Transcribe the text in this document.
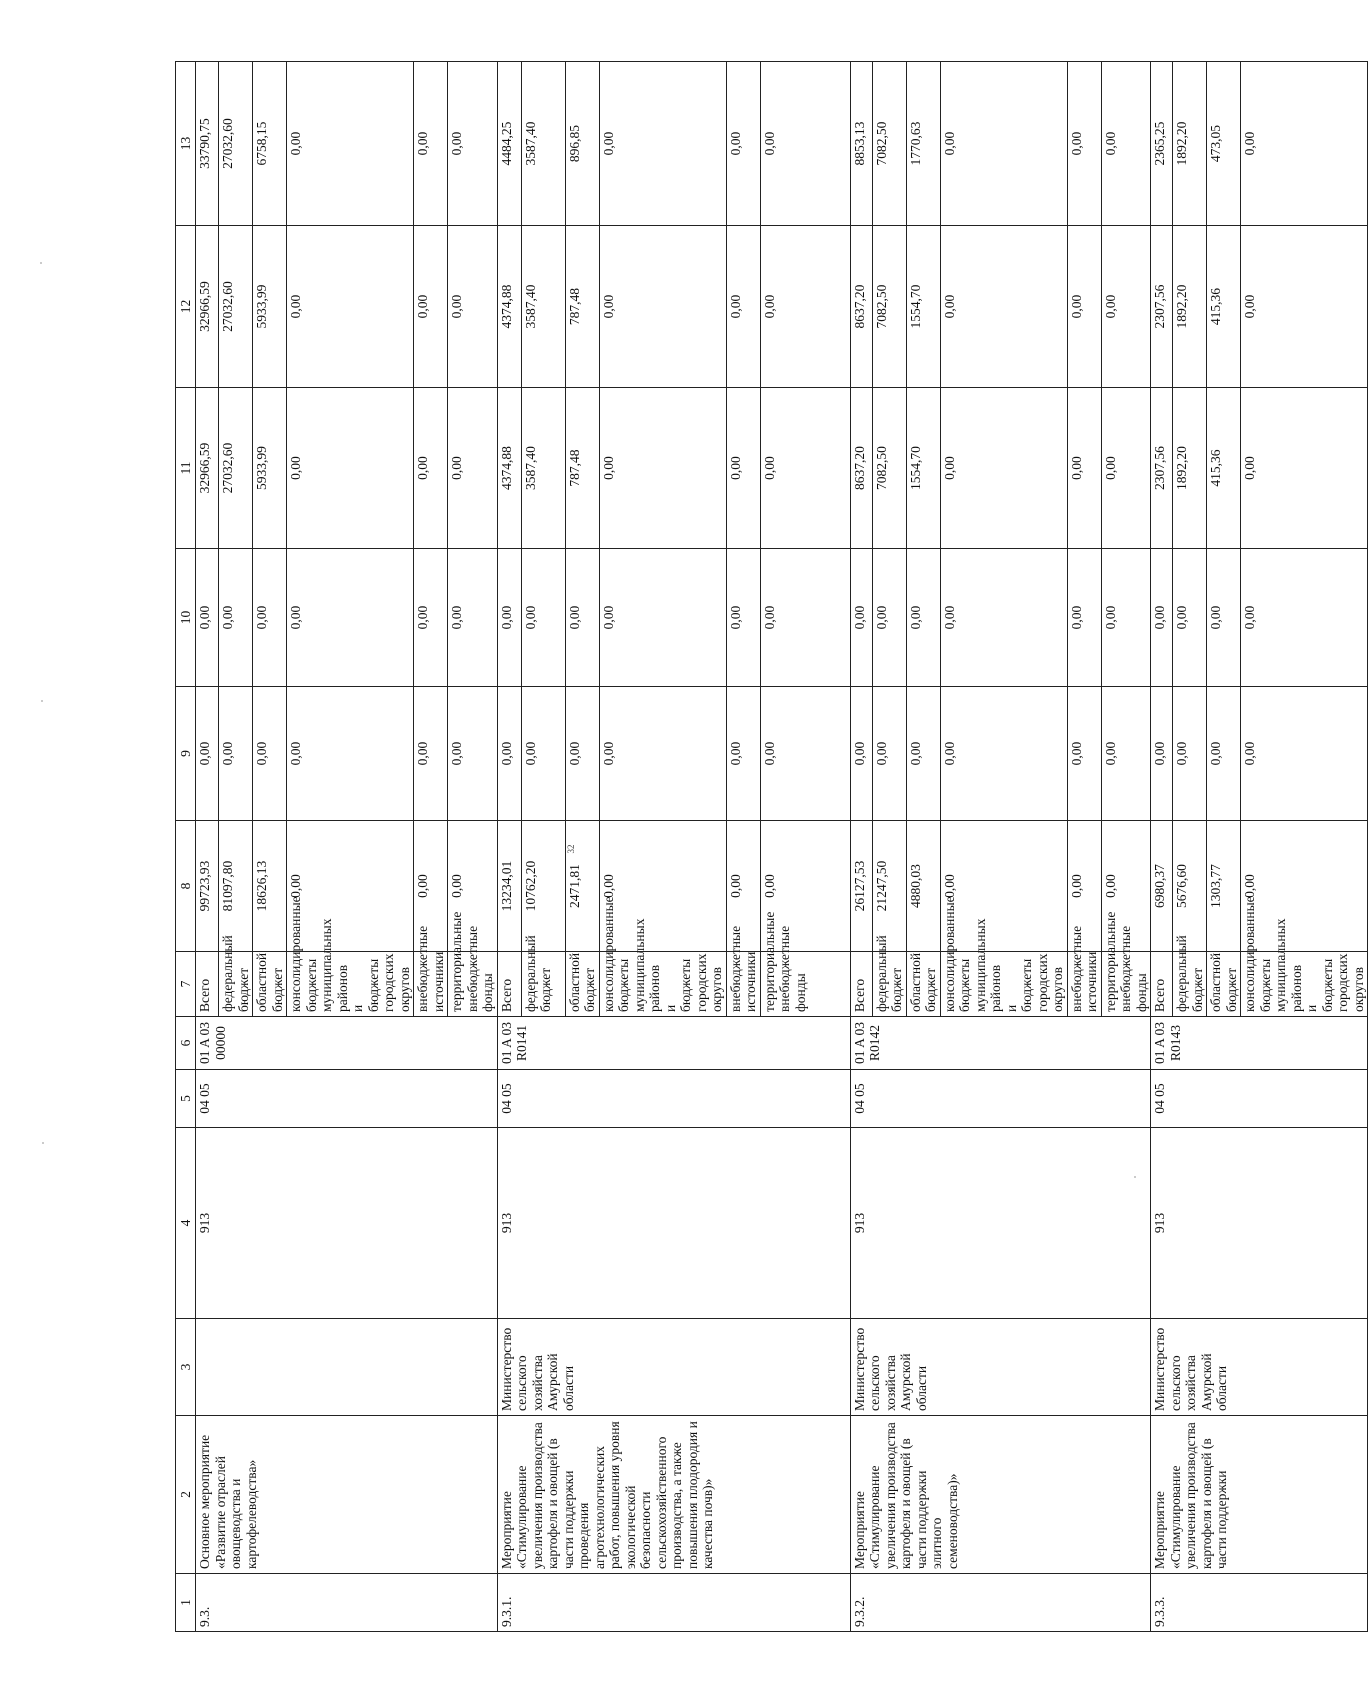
32
1	2	3	4	5	6	7	8	9	10	11	12	13
9.3.	Основное мероприятие «Развитие отраслей овощеводства и картофелеводства»		913	04 05	01 A 03 00000	Всего	99723,93	0,00	0,00	32966,59	32966,59	33790,75
						федеральный бюджет	81097,80	0,00	0,00	27032,60	27032,60	27032,60
						областной бюджет	18626,13	0,00	0,00	5933,99	5933,99	6758,15
						консолидированные бюджеты муниципальных районов и бюджеты городских округов	0,00	0,00	0,00	0,00	0,00	0,00
						внебюджетные источники	0,00	0,00	0,00	0,00	0,00	0,00
						территориальные внебюджетные фонды	0,00	0,00	0,00	0,00	0,00	0,00
9.3.1.	Мероприятие «Стимулирование увеличения производства картофеля и овощей (в части поддержки проведения агротехнологических работ, повышения уровня экологической безопасности сельскохозяйственного производства, а также повышения плодородия и качества почв)»	Министерство сельского хозяйства Амурской области	913	04 05	01 A 03 R0141	Всего	13234,01	0,00	0,00	4374,88	4374,88	4484,25
						федеральный бюджет	10762,20	0,00	0,00	3587,40	3587,40	3587,40
						областной бюджет	2471,81	0,00	0,00	787,48	787,48	896,85
						консолидированные бюджеты муниципальных районов и бюджеты городских округов	0,00	0,00	0,00	0,00	0,00	0,00
						внебюджетные источники	0,00	0,00	0,00	0,00	0,00	0,00
						территориальные внебюджетные фонды	0,00	0,00	0,00	0,00	0,00	0,00
9.3.2.	Мероприятие «Стимулирование увеличения производства картофеля и овощей (в части поддержки элитного семеноводства)»	Министерство сельского хозяйства Амурской области	913	04 05	01 A 03 R0142	Всего	26127,53	0,00	0,00	8637,20	8637,20	8853,13
						федеральный бюджет	21247,50	0,00	0,00	7082,50	7082,50	7082,50
						областной бюджет	4880,03	0,00	0,00	1554,70	1554,70	1770,63
						консолидированные бюджеты муниципальных районов и бюджеты городских округов	0,00	0,00	0,00	0,00	0,00	0,00
						внебюджетные источники	0,00	0,00	0,00	0,00	0,00	0,00
						территориальные внебюджетные фонды	0,00	0,00	0,00	0,00	0,00	0,00
9.3.3.	Мероприятие «Стимулирование увеличения производства картофеля и овощей (в части поддержки	Министерство сельского хозяйства Амурской области	913	04 05	01 A 03 R0143	Всего	6980,37	0,00	0,00	2307,56	2307,56	2365,25
						федеральный бюджет	5676,60	0,00	0,00	1892,20	1892,20	1892,20
						областной бюджет	1303,77	0,00	0,00	415,36	415,36	473,05
						консолидированные бюджеты муниципальных районов и бюджеты городских округов	0,00	0,00	0,00	0,00	0,00	0,00
